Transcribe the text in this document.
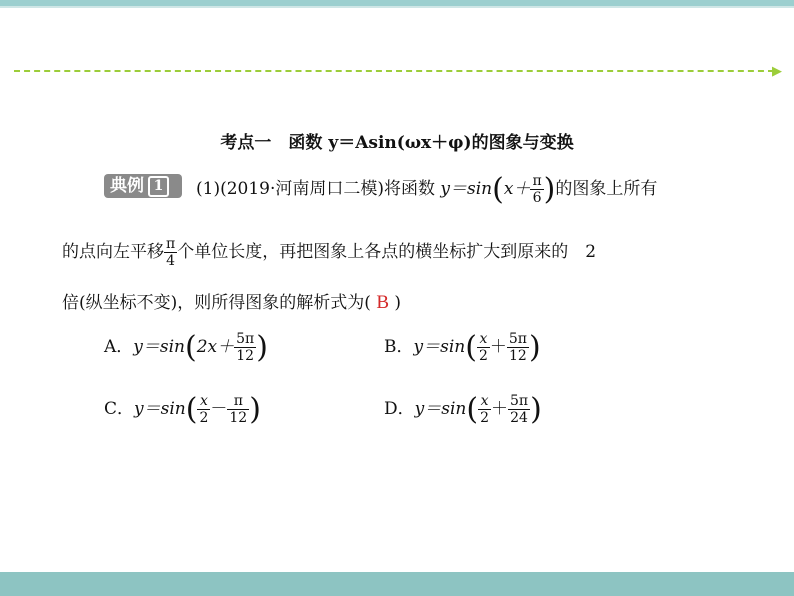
▶
考点一　函数 y＝Asin(ωx＋φ)的图象与变换
典例 1	(1)(2019·河南周口二模)将函数 $y=\sin(x+ \frac{\pi}{6}$ )的图象上所有
的点向左平移 $\frac{\pi}{4}$ 个单位长度，再把图象上各点的横坐标扩大到原来的　2
倍(纵坐标不变)，则所得图象的解析式为( B )
A．$y=\sin(2x+ \frac{5\pi}{12}$ )	B．$y=\sin( \frac{x}{2} + \frac{5\pi}{12}$ )
C．$y=\sin( \frac{x}{2} - \frac{\pi}{12}$ )	D．$y=\sin( \frac{x}{2} + \frac{5\pi}{24}$ )
